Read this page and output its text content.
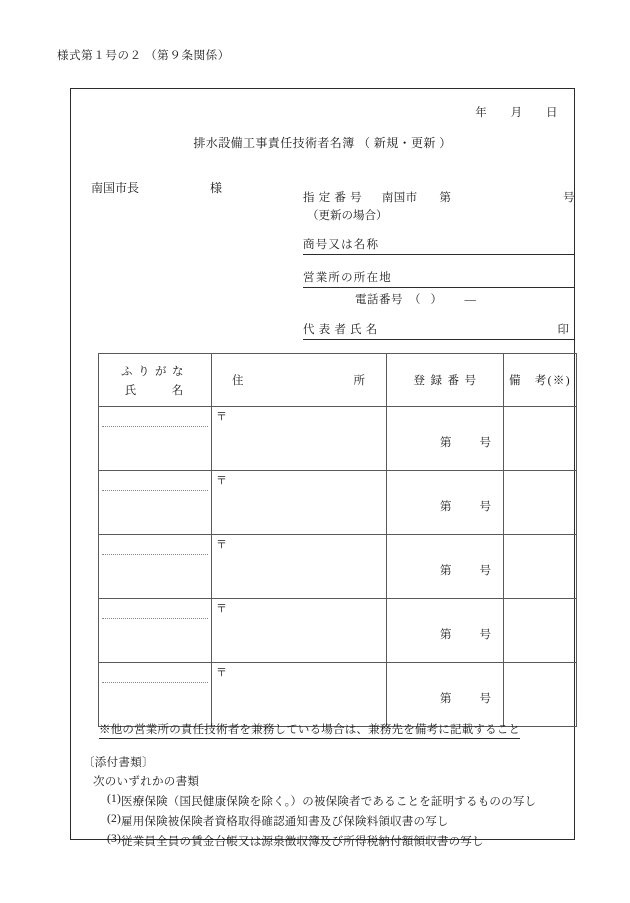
様式第１号の２ （第９条関係）
年 月 日
排水設備工事責任技術者名簿 （ 新規・更新 ）
南国市長	様
指定番号 南国市 第	号
（更新の場合）
商号又は名称
営業所の所在地
電話番号 （） —
代表者氏名	印
ふりがな
氏　名	住 所	登録番号	備　考(※)

	〒	第 号	

	〒	第 号	

	〒	第 号	

	〒	第 号	

	〒	第 号	

※他の営業所の責任技術者を兼務している場合は、兼務先を備考に記載すること
〔添付書類〕
次のいずれかの書類
(1) 医療保険（国民健康保険を除く。）の被保険者であることを証明するものの写し
(2) 雇用保険被保険者資格取得確認通知書及び保険料領収書の写し
(3) 従業員全員の賃金台帳又は源泉徴収簿及び所得税納付額領収書の写し
